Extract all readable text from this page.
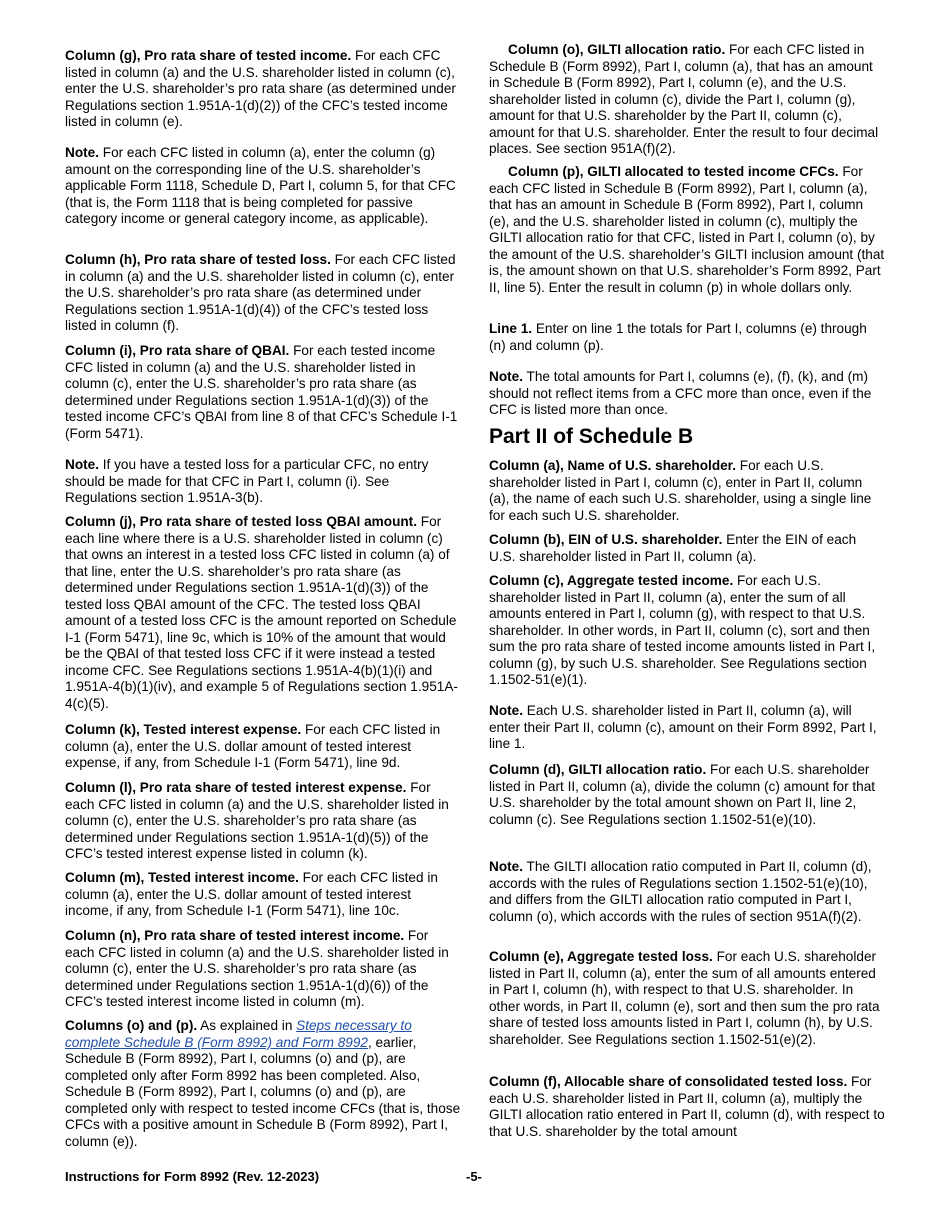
Column (g), Pro rata share of tested income. For each CFC listed in column (a) and the U.S. shareholder listed in column (c), enter the U.S. shareholder’s pro rata share (as determined under Regulations section 1.951A-1(d)(2)) of the CFC’s tested income listed in column (e).

Note. For each CFC listed in column (a), enter the column (g) amount on the corresponding line of the U.S. shareholder’s applicable Form 1118, Schedule D, Part I, column 5, for that CFC (that is, the Form 1118 that is being completed for passive category income or general category income, as applicable).

Column (h), Pro rata share of tested loss. For each CFC listed in column (a) and the U.S. shareholder listed in column (c), enter the U.S. shareholder’s pro rata share (as determined under Regulations section 1.951A-1(d)(4)) of the CFC’s tested loss listed in column (f).

Column (i), Pro rata share of QBAI. For each tested income CFC listed in column (a) and the U.S. shareholder listed in column (c), enter the U.S. shareholder’s pro rata share (as determined under Regulations section 1.951A-1(d)(3)) of the tested income CFC’s QBAI from line 8 of that CFC’s Schedule I-1 (Form 5471).

Note. If you have a tested loss for a particular CFC, no entry should be made for that CFC in Part I, column (i). See Regulations section 1.951A-3(b).

Column (j), Pro rata share of tested loss QBAI amount. For each line where there is a U.S. shareholder listed in column (c) that owns an interest in a tested loss CFC listed in column (a) of that line, enter the U.S. shareholder’s pro rata share (as determined under Regulations section 1.951A-1(d)(3)) of the tested loss QBAI amount of the CFC. The tested loss QBAI amount of a tested loss CFC is the amount reported on Schedule I-1 (Form 5471), line 9c, which is 10% of the amount that would be the QBAI of that tested loss CFC if it were instead a tested income CFC. See Regulations sections 1.951A-4(b)(1)(i) and 1.951A-4(b)(1)(iv), and example 5 of Regulations section 1.951A-4(c)(5).

Column (k), Tested interest expense. For each CFC listed in column (a), enter the U.S. dollar amount of tested interest expense, if any, from Schedule I-1 (Form 5471), line 9d.

Column (l), Pro rata share of tested interest expense. For each CFC listed in column (a) and the U.S. shareholder listed in column (c), enter the U.S. shareholder’s pro rata share (as determined under Regulations section 1.951A-1(d)(5)) of the CFC’s tested interest expense listed in column (k).

Column (m), Tested interest income. For each CFC listed in column (a), enter the U.S. dollar amount of tested interest income, if any, from Schedule I-1 (Form 5471), line 10c.

Column (n), Pro rata share of tested interest income. For each CFC listed in column (a) and the U.S. shareholder listed in column (c), enter the U.S. shareholder’s pro rata share (as determined under Regulations section 1.951A-1(d)(6)) of the CFC’s tested interest income listed in column (m).

Columns (o) and (p). As explained in Steps necessary to complete Schedule B (Form 8992) and Form 8992, earlier, Schedule B (Form 8992), Part I, columns (o) and (p), are completed only after Form 8992 has been completed. Also, Schedule B (Form 8992), Part I, columns (o) and (p), are completed only with respect to tested income CFCs (that is, those CFCs with a positive amount in Schedule B (Form 8992), Part I, column (e)).

Column (o), GILTI allocation ratio. For each CFC listed in Schedule B (Form 8992), Part I, column (a), that has an amount in Schedule B (Form 8992), Part I, column (e), and the U.S. shareholder listed in column (c), divide the Part I, column (g), amount for that U.S. shareholder by the Part II, column (c), amount for that U.S. shareholder. Enter the result to four decimal places. See section 951A(f)(2).

Column (p), GILTI allocated to tested income CFCs. For each CFC listed in Schedule B (Form 8992), Part I, column (a), that has an amount in Schedule B (Form 8992), Part I, column (e), and the U.S. shareholder listed in column (c), multiply the GILTI allocation ratio for that CFC, listed in Part I, column (o), by the amount of the U.S. shareholder’s GILTI inclusion amount (that is, the amount shown on that U.S. shareholder’s Form 8992, Part II, line 5). Enter the result in column (p) in whole dollars only.

Line 1. Enter on line 1 the totals for Part I, columns (e) through (n) and column (p).

Note. The total amounts for Part I, columns (e), (f), (k), and (m) should not reflect items from a CFC more than once, even if the CFC is listed more than once.

Part II of Schedule B

Column (a), Name of U.S. shareholder. For each U.S. shareholder listed in Part I, column (c), enter in Part II, column (a), the name of each such U.S. shareholder, using a single line for each such U.S. shareholder.

Column (b), EIN of U.S. shareholder. Enter the EIN of each U.S. shareholder listed in Part II, column (a).

Column (c), Aggregate tested income. For each U.S. shareholder listed in Part II, column (a), enter the sum of all amounts entered in Part I, column (g), with respect to that U.S. shareholder. In other words, in Part II, column (c), sort and then sum the pro rata share of tested income amounts listed in Part I, column (g), by such U.S. shareholder. See Regulations section 1.1502-51(e)(1).

Note. Each U.S. shareholder listed in Part II, column (a), will enter their Part II, column (c), amount on their Form 8992, Part I, line 1.

Column (d), GILTI allocation ratio. For each U.S. shareholder listed in Part II, column (a), divide the column (c) amount for that U.S. shareholder by the total amount shown on Part II, line 2, column (c). See Regulations section 1.1502-51(e)(10).

Note. The GILTI allocation ratio computed in Part II, column (d), accords with the rules of Regulations section 1.1502-51(e)(10), and differs from the GILTI allocation ratio computed in Part I, column (o), which accords with the rules of section 951A(f)(2).

Column (e), Aggregate tested loss. For each U.S. shareholder listed in Part II, column (a), enter the sum of all amounts entered in Part I, column (h), with respect to that U.S. shareholder. In other words, in Part II, column (e), sort and then sum the pro rata share of tested loss amounts listed in Part I, column (h), by U.S. shareholder. See Regulations section 1.1502-51(e)(2).

Column (f), Allocable share of consolidated tested loss. For each U.S. shareholder listed in Part II, column (a), multiply the GILTI allocation ratio entered in Part II, column (d), with respect to that U.S. shareholder by the total amount

Instructions for Form 8992 (Rev. 12-2023)	-5-
